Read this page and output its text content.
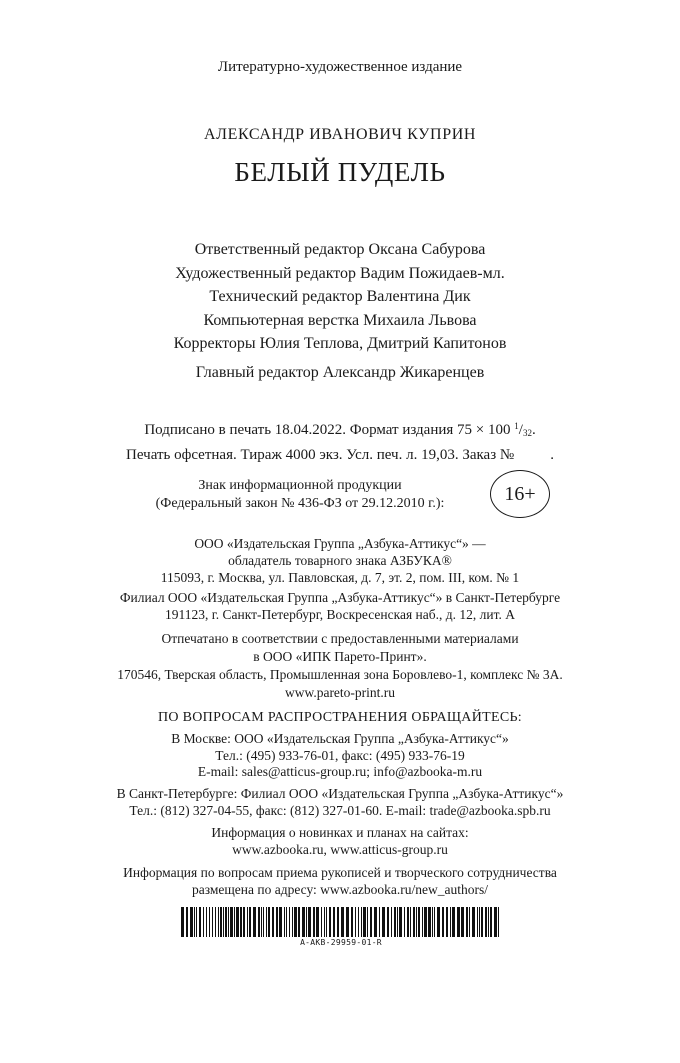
Литературно-художественное издание
АЛЕКСАНДР ИВАНОВИЧ КУПРИН
БЕЛЫЙ ПУДЕЛЬ
Ответственный редактор Оксана Сабурова
Художественный редактор Вадим Пожидаев-мл.
Технический редактор Валентина Дик
Компьютерная верстка Михаила Львова
Корректоры Юлия Теплова, Дмитрий Капитонов
Главный редактор Александр Жикаренцев
Подписано в печать 18.04.2022. Формат издания 75 × 100 $^1/_{32}$.
Печать офсетная. Тираж 4000 экз. Усл. печ. л. 19,03. Заказ № .
Знак информационной продукции
(Федеральный закон № 436-ФЗ от 29.12.2010 г.):	16+
ООО «Издательская Группа „Азбука-Аттикус“» —
обладатель товарного знака АЗБУКА®
115093, г. Москва, ул. Павловская, д. 7, эт. 2, пом. III, ком. № 1
Филиал ООО «Издательская Группа „Азбука-Аттикус“» в Санкт-Петербурге
191123, г. Санкт-Петербург, Воскресенская наб., д. 12, лит. А
Отпечатано в соответствии с предоставленными материалами
в ООО «ИПК Парето-Принт».
170546, Тверская область, Промышленная зона Боровлево-1, комплекс № 3А.
www.pareto-print.ru
ПО ВОПРОСАМ РАСПРОСТРАНЕНИЯ ОБРАЩАЙТЕСЬ:
В Москве: ООО «Издательская Группа „Азбука-Аттикус“»
Тел.: (495) 933-76-01, факс: (495) 933-76-19
E-mail: sales@atticus-group.ru; info@azbooka-m.ru
В Санкт-Петербурге: Филиал ООО «Издательская Группа „Азбука-Аттикус“»
Тел.: (812) 327-04-55, факс: (812) 327-01-60. E-mail: trade@azbooka.spb.ru
Информация о новинках и планах на сайтах:
www.azbooka.ru, www.atticus-group.ru
Информация по вопросам приема рукописей и творческого сотрудничества
размещена по адресу: www.azbooka.ru/new_authors/
A-AKB-29959-01-R
